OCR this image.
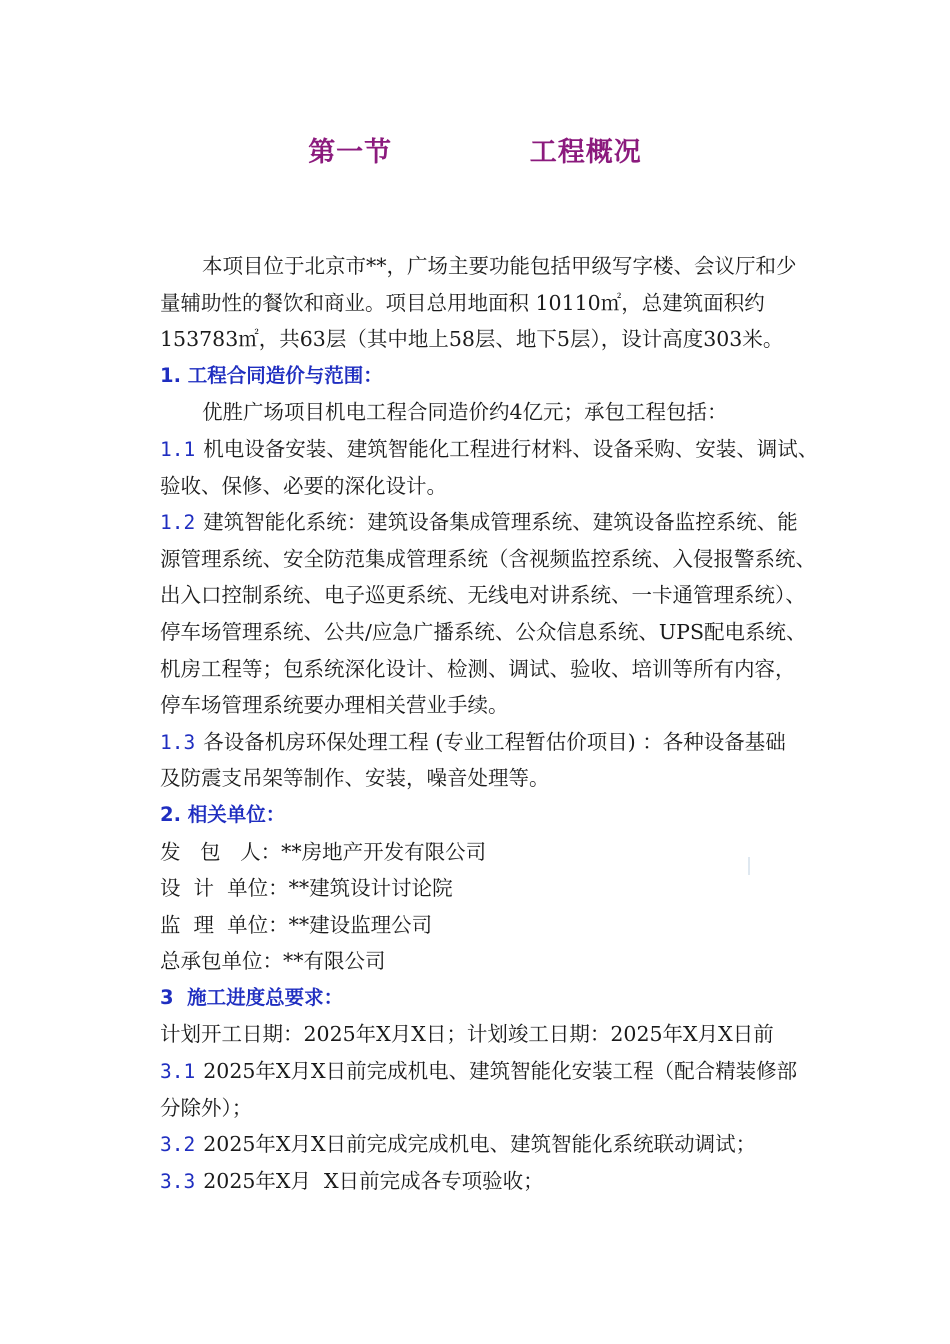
第一节    工程概况
本项目位于北京市**，广场主要功能包括甲级写字楼、会议厅和少
量辅助性的餐饮和商业。项目总用地面积 10110㎡，总建筑面积约
153783㎡，共63层（其中地上58层、地下5层），设计高度303米。
1. 工程合同造价与范围：
优胜广场项目机电工程合同造价约4亿元；承包工程包括：
1.1 机电设备安装、建筑智能化工程进行材料、设备采购、安装、调试、
验收、保修、必要的深化设计。
1.2 建筑智能化系统：建筑设备集成管理系统、建筑设备监控系统、能
源管理系统、安全防范集成管理系统（含视频监控系统、入侵报警系统、
出入口控制系统、电子巡更系统、无线电对讲系统、一卡通管理系统）、
停车场管理系统、公共/应急广播系统、公众信息系统、UPS配电系统、
机房工程等；包系统深化设计、检测、调试、验收、培训等所有内容，
停车场管理系统要办理相关营业手续。
1.3 各设备机房环保处理工程 (专业工程暂估价项目) ：各种设备基础
及防震支吊架等制作、安装，噪音处理等。
2. 相关单位：
发   包   人：**房地产开发有限公司
设  计  单位：**建筑设计讨论院
监  理  单位：**建设监理公司
总承包单位：**有限公司
3  施工进度总要求：
计划开工日期：2025年X月X日；计划竣工日期：2025年X月X日前
3.1 2025年X月X日前完成机电、建筑智能化安装工程（配合精装修部
分除外）；
3.2 2025年X月X日前完成完成机电、建筑智能化系统联动调试；
3.3 2025年X月  X日前完成各专项验收；
